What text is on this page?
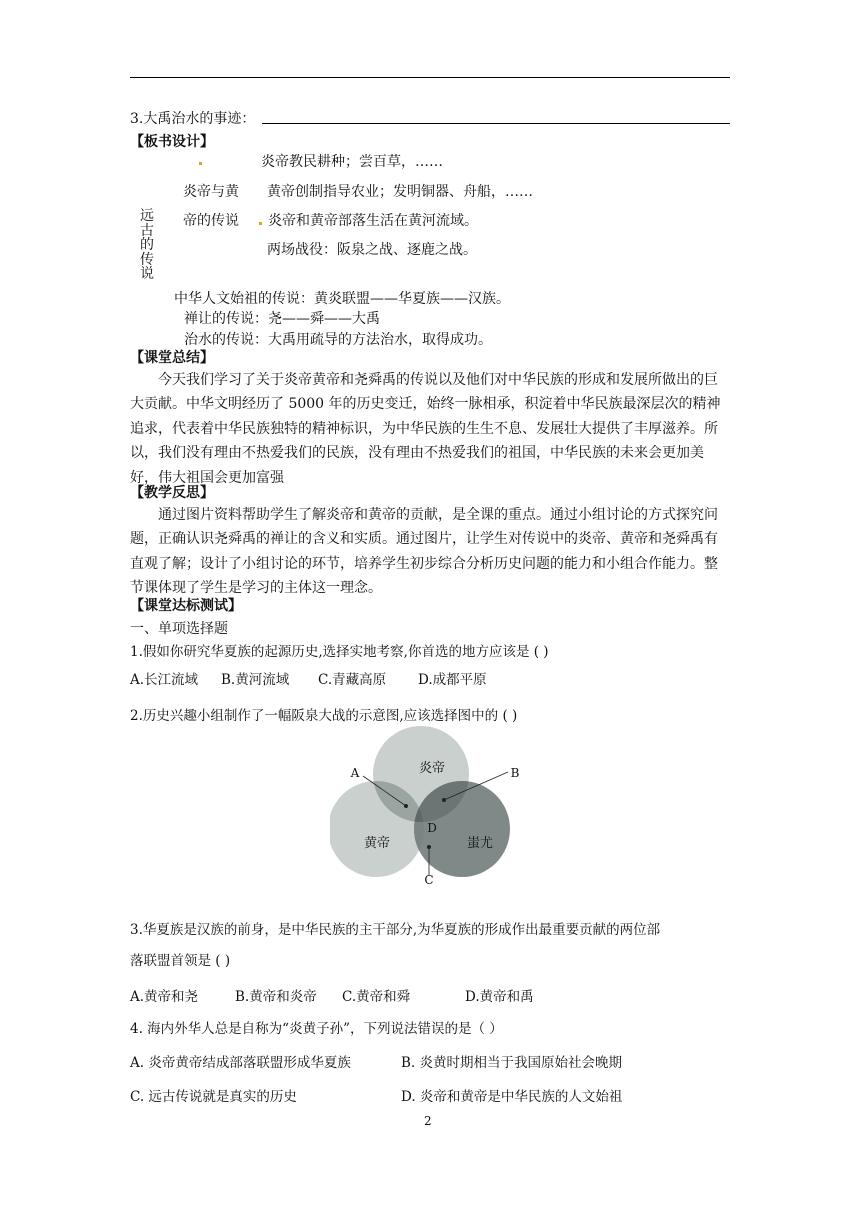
3.大禹治水的事迹：
【板书设计】
炎帝教民耕种；尝百草，……
炎帝与黄 黄帝创制指导农业；发明铜器、舟船，……
帝的传说 炎帝和黄帝部落生活在黄河流域。
两场战役：阪泉之战、逐鹿之战。
远
古
的
传
说
中华人文始祖的传说：黄炎联盟——华夏族——汉族。
禅让的传说：尧——舜——大禹
治水的传说：大禹用疏导的方法治水，取得成功。
【课堂总结】
今天我们学习了关于炎帝黄帝和尧舜禹的传说以及他们对中华民族的形成和发展所做出的巨大贡献。中华文明经历了 5000 年的历史变迁，始终一脉相承，积淀着中华民族最深层次的精神追求，代表着中华民族独特的精神标识，为中华民族的生生不息、发展壮大提供了丰厚滋养。所以，我们没有理由不热爱我们的民族，没有理由不热爱我们的祖国，中华民族的未来会更加美好，伟大祖国会更加富强
【教学反思】
通过图片资料帮助学生了解炎帝和黄帝的贡献，是全课的重点。通过小组讨论的方式探究问题，正确认识尧舜禹的禅让的含义和实质。通过图片，让学生对传说中的炎帝、黄帝和尧舜禹有直观了解；设计了小组讨论的环节，培养学生初步综合分析历史问题的能力和小组合作能力。整节课体现了学生是学习的主体这一理念。
【课堂达标测试】
一、单项选择题
1.假如你研究华夏族的起源历史,选择实地考察,你首选的地方应该是 ( )
A.长江流域 B.黄河流域 C.青藏高原 D.成都平原
2.历史兴趣小组制作了一幅阪泉大战的示意图,应该选择图中的 ( )
炎帝
黄帝	蚩尤
A	B
C
D
3.华夏族是汉族的前身，是中华民族的主干部分,为华夏族的形成作出最重要贡献的两位部
落联盟首领是 ( )
A.黄帝和尧	B.黄帝和炎帝 C.黄帝和舜	D.黄帝和禹
4. 海内外华人总是自称为“炎黄子孙”，下列说法错误的是（ ）
A. 炎帝黄帝结成部落联盟形成华夏族	B. 炎黄时期相当于我国原始社会晚期
C. 远古传说就是真实的历史	D. 炎帝和黄帝是中华民族的人文始祖
2
